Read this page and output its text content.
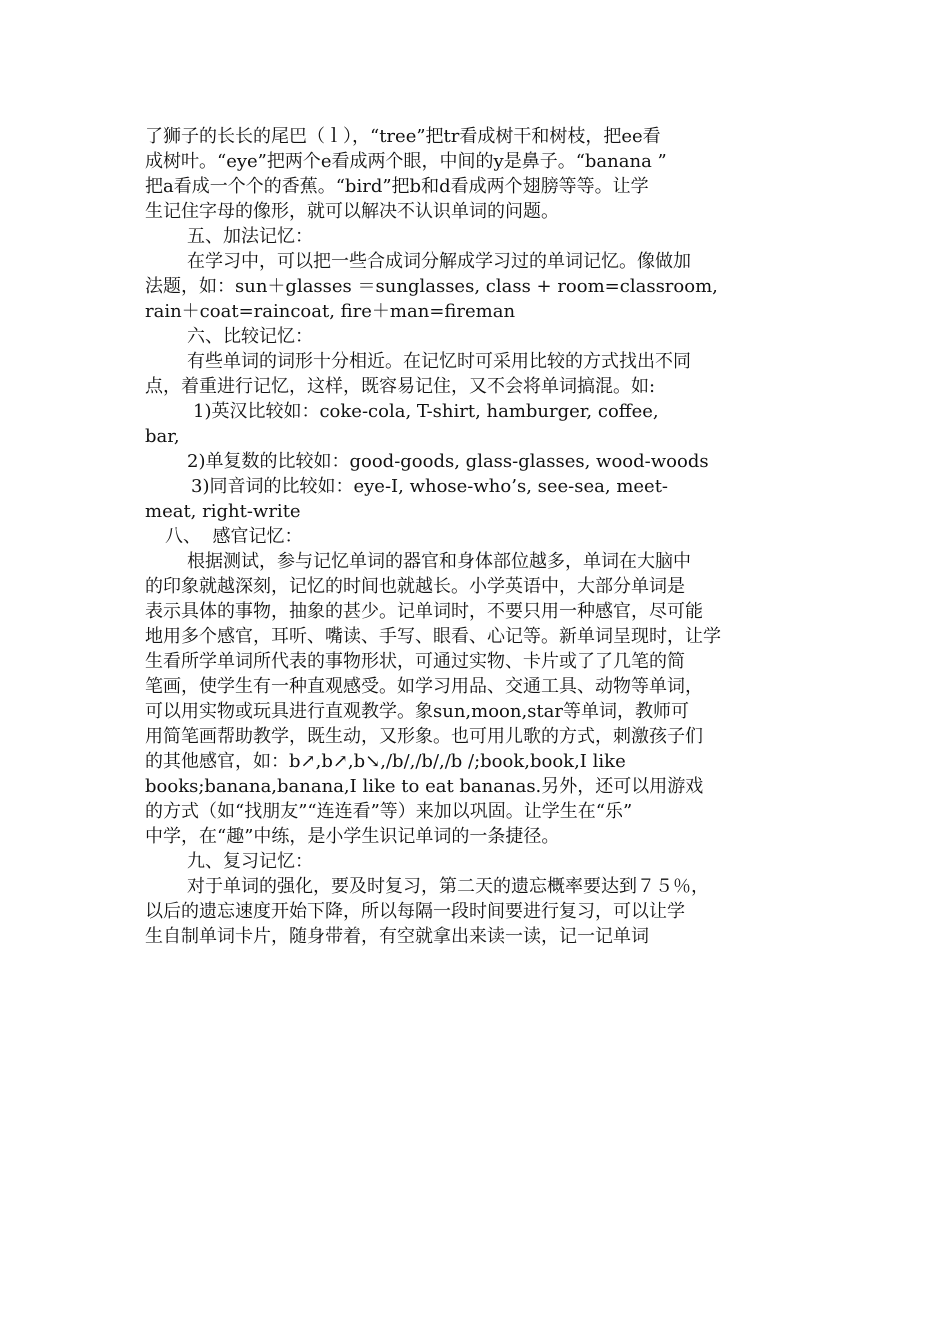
了狮子的长长的尾巴（ｌ），“tree”把tr看成树干和树枝，把ee看
成树叶。“eye”把两个e看成两个眼，中间的y是鼻子。“banana ”
把a看成一个个的香蕉。“bird”把b和d看成两个翅膀等等。让学
生记住字母的像形，就可以解决不认识单词的问题。
五、加法记忆：
在学习中，可以把一些合成词分解成学习过的单词记忆。像做加
法题，如：sun＋glasses ＝sunglasses, class + room=classroom,
rain＋coat=raincoat, fire＋man=fireman
六、比较记忆：
有些单词的词形十分相近。在记忆时可采用比较的方式找出不同
点，着重进行记忆，这样，既容易记住，又不会将单词搞混。如:
1)英汉比较如：coke-cola, T-shirt, hamburger, coffee,
bar,
2)单复数的比较如：good-goods, glass-glasses, wood-woods
3)同音词的比较如：eye-I, whose-who’s, see-sea, meet-
meat, right-write
八、  感官记忆：
根据测试，参与记忆单词的器官和身体部位越多，单词在大脑中
的印象就越深刻，记忆的时间也就越长。小学英语中，大部分单词是
表示具体的事物，抽象的甚少。记单词时，不要只用一种感官，尽可能
地用多个感官，耳听、嘴读、手写、眼看、心记等。新单词呈现时，让学
生看所学单词所代表的事物形状，可通过实物、卡片或了了几笔的简
笔画，使学生有一种直观感受。如学习用品、交通工具、动物等单词，
可以用实物或玩具进行直观教学。象sun,moon,star等单词，教师可
用简笔画帮助教学，既生动，又形象。也可用儿歌的方式，刺激孩子们
的其他感官，如：b↗,b↗,b↘,/b/,/b/,/b /;book,book,I like
books;banana,banana,I like to eat bananas.另外，还可以用游戏
的方式（如“找朋友”“连连看”等）来加以巩固。让学生在“乐”
中学，在“趣”中练，是小学生识记单词的一条捷径。
九、复习记忆：
对于单词的强化，要及时复习，第二天的遗忘概率要达到７５％，
以后的遗忘速度开始下降，所以每隔一段时间要进行复习，可以让学
生自制单词卡片，随身带着，有空就拿出来读一读，记一记单词
